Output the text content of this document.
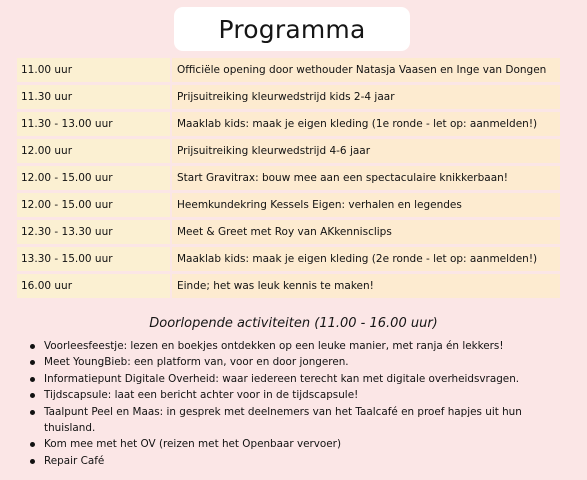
Programma
11.00 uur	Officiële opening door wethouder Natasja Vaasen en Inge van Dongen
11.30 uur	Prijsuitreiking kleurwedstrijd kids 2-4 jaar
11.30 - 13.00 uur	Maaklab kids: maak je eigen kleding (1e ronde - let op: aanmelden!)
12.00 uur	Prijsuitreiking kleurwedstrijd 4-6 jaar
12.00 - 15.00 uur	Start Gravitrax: bouw mee aan een spectaculaire knikkerbaan!
12.00 - 15.00 uur	Heemkundekring Kessels Eigen: verhalen en legendes
12.30 - 13.30 uur	Meet & Greet met Roy van AKkennisclips
13.30 - 15.00 uur	Maaklab kids: maak je eigen kleding (2e ronde - let op: aanmelden!)
16.00 uur	Einde; het was leuk kennis te maken!
Doorlopende activiteiten (11.00 - 16.00 uur)
Voorleesfeestje: lezen en boekjes ontdekken op een leuke manier, met ranja én lekkers!
Meet YoungBieb: een platform van, voor en door jongeren.
Informatiepunt Digitale Overheid: waar iedereen terecht kan met digitale overheidsvragen.
Tijdscapsule: laat een bericht achter voor in de tijdscapsule!
Taalpunt Peel en Maas: in gesprek met deelnemers van het Taalcafé en proef hapjes uit hun thuisland.
Kom mee met het OV (reizen met het Openbaar vervoer)
Repair Café
